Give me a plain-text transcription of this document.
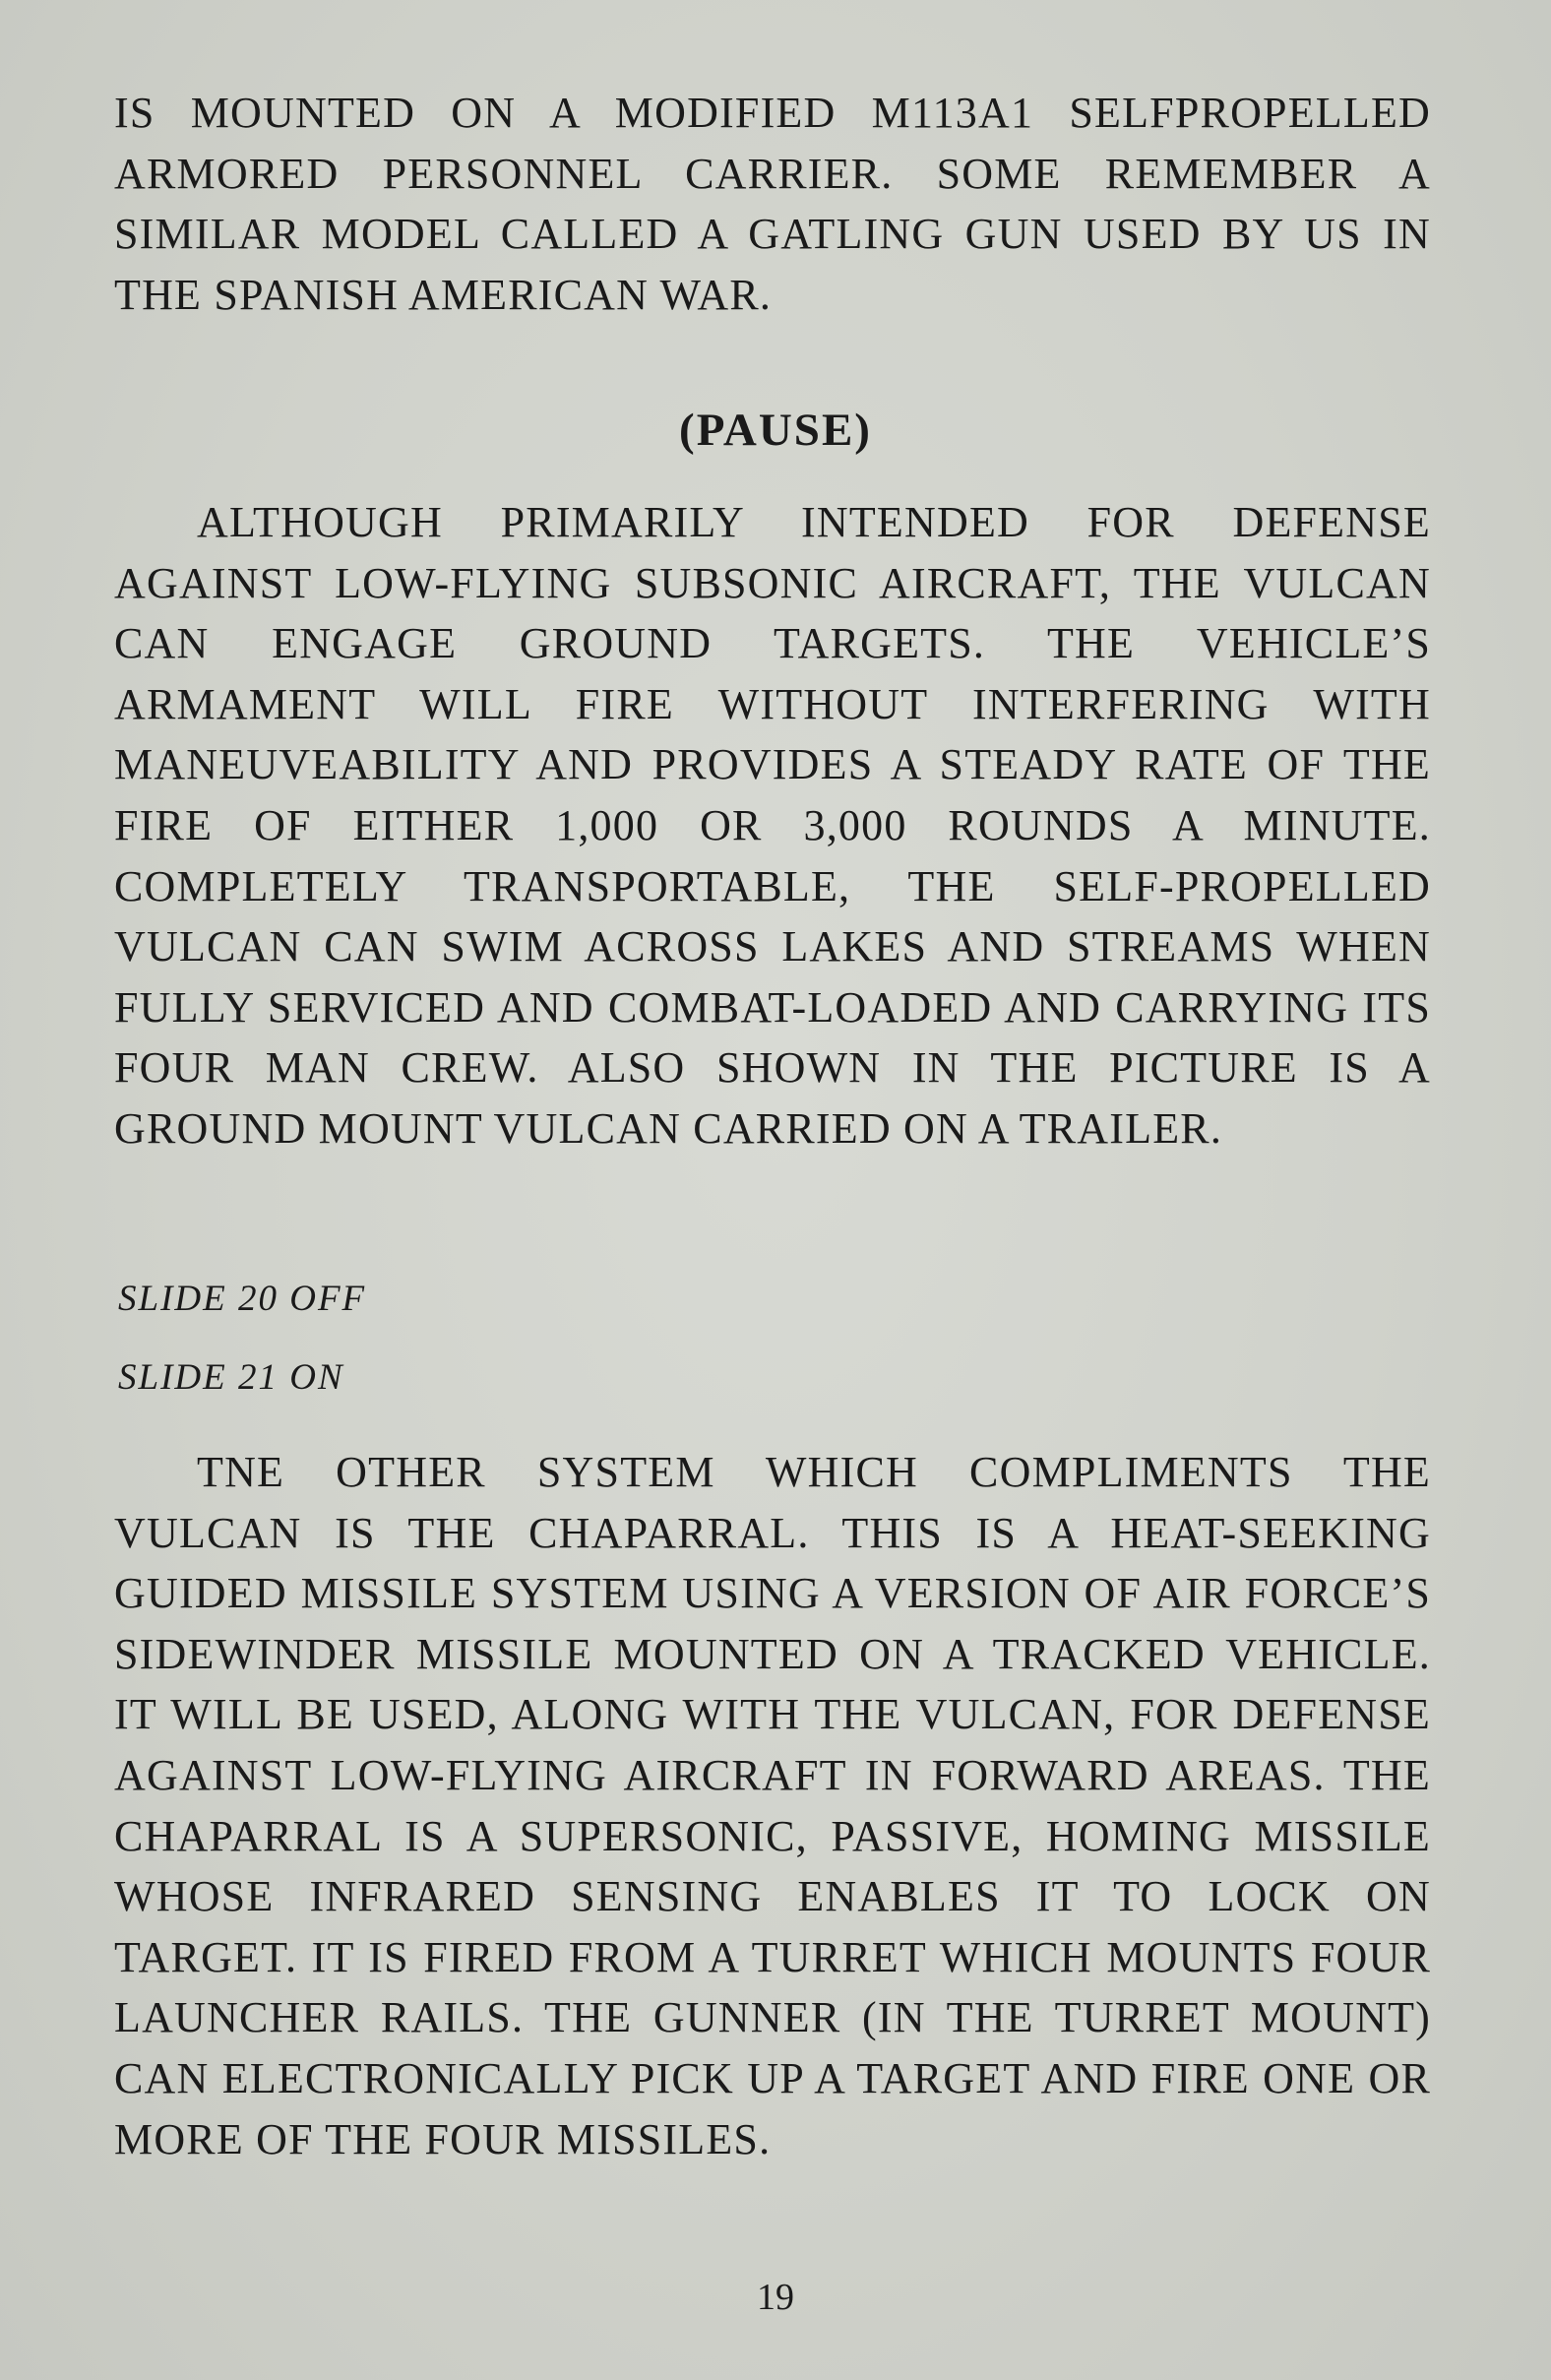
IS MOUNTED ON A MODIFIED M113A1 SELFPROPELLED ARMORED PERSONNEL CARRIER. SOME REMEMBER A SIMILAR MODEL CALLED A GATLING GUN USED BY US IN THE SPANISH AMERICAN WAR.

(PAUSE)

ALTHOUGH PRIMARILY INTENDED FOR DEFENSE AGAINST LOW-FLYING SUBSONIC AIRCRAFT, THE VULCAN CAN ENGAGE GROUND TARGETS. THE VEHICLE’S ARMAMENT WILL FIRE WITHOUT INTERFERING WITH MANEUVEABILITY AND PROVIDES A STEADY RATE OF THE FIRE OF EITHER 1,000 OR 3,000 ROUNDS A MINUTE. COMPLETELY TRANSPORTABLE, THE SELF-PROPELLED VULCAN CAN SWIM ACROSS LAKES AND STREAMS WHEN FULLY SERVICED AND COMBAT-LOADED AND CARRYING ITS FOUR MAN CREW. ALSO SHOWN IN THE PICTURE IS A GROUND MOUNT VULCAN CARRIED ON A TRAILER.

SLIDE 20 OFF

SLIDE 21 ON

TNE OTHER SYSTEM WHICH COMPLIMENTS THE VULCAN IS THE CHAPARRAL. THIS IS A HEAT-SEEKING GUIDED MISSILE SYSTEM USING A VERSION OF AIR FORCE’S SIDEWINDER MISSILE MOUNTED ON A TRACKED VEHICLE. IT WILL BE USED, ALONG WITH THE VULCAN, FOR DEFENSE AGAINST LOW-FLYING AIRCRAFT IN FORWARD AREAS. THE CHAPARRAL IS A SUPERSONIC, PASSIVE, HOMING MISSILE WHOSE INFRARED SENSING ENABLES IT TO LOCK ON TARGET. IT IS FIRED FROM A TURRET WHICH MOUNTS FOUR LAUNCHER RAILS. THE GUNNER (IN THE TURRET MOUNT) CAN ELECTRONICALLY PICK UP A TARGET AND FIRE ONE OR MORE OF THE FOUR MISSILES.

19
